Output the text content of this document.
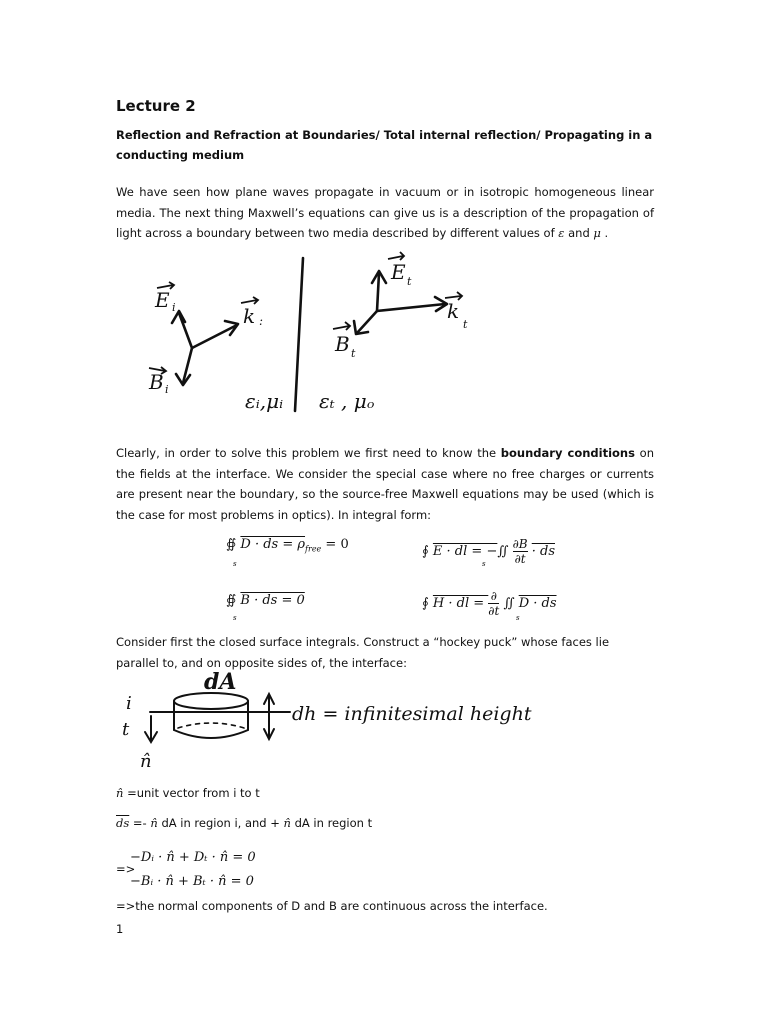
Lecture 2
Reflection and Refraction at Boundaries/ Total internal reflection/ Propagating in a conducting medium
We have seen how plane waves propagate in vacuum or in isotropic homogeneous linear media. The next thing Maxwell’s equations can give us is a description of the propagation of light across a boundary between two media described by different values of ε and μ .
E i	k :
B i
E t
k
t
B t
εᵢ,μᵢ εₜ , μₒ
Clearly, in order to solve this problem we first need to know the boundary conditions on the fields at the interface. We consider the special case where no free charges or currents are present near the boundary, so the source-free Maxwell equations may be used (which is the case for most problems in optics). In integral form:
∯ D · ds = $\rho_{free} = 0$
s
∮ E · dl = −∬ $\frac{\partial B}{\partial t}$ · ds
s
∯ B · ds = 0
s
∮ H · dl = ∂
∂t ∬ D · ds
s
Consider first the closed surface integrals. Construct a “hockey puck” whose faces lie parallel to, and on opposite sides of, the interface:
dA
i
t
n̂
dh = infinitesimal height
n̂ =unit vector from i to t
$\overline{ds}$ =- n̂ dA in region i, and + n̂ dA in region t
−Dᵢ · n̂ + Dₜ · n̂ = 0
=>
−Bᵢ · n̂ + Bₜ · n̂ = 0
=>the normal components of D and B are continuous across the interface.
1
